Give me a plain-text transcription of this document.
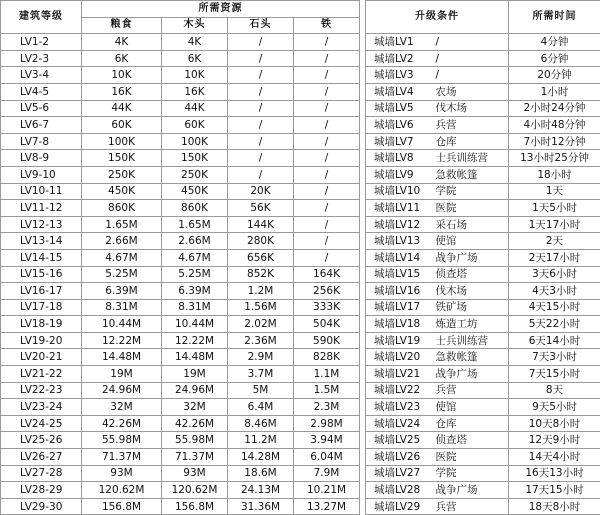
建筑等级	所需资源					升级条件		所需时间
	粮食	木头	石头	铁				
LV1-2	4K	4K	/	/		城墙LV1	/	4分钟
LV2-3	6K	6K	/	/		城墙LV2	/	6分钟
LV3-4	10K	10K	/	/		城墙LV3	/	20分钟
LV4-5	16K	16K	/	/		城墙LV4	农场	1小时
LV5-6	44K	44K	/	/		城墙LV5	伐木场	2小时24分钟
LV6-7	60K	60K	/	/		城墙LV6	兵营	4小时48分钟
LV7-8	100K	100K	/	/		城墙LV7	仓库	7小时12分钟
LV8-9	150K	150K	/	/		城墙LV8	士兵训练营	13小时25分钟
LV9-10	250K	250K	/	/		城墙LV9	急救帐篷	18小时
LV10-11	450K	450K	20K	/		城墙LV10	学院	1天
LV11-12	860K	860K	56K	/		城墙LV11	医院	1天5小时
LV12-13	1.65M	1.65M	144K	/		城墙LV12	采石场	1天17小时
LV13-14	2.66M	2.66M	280K	/		城墙LV13	使馆	2天
LV14-15	4.67M	4.67M	656K	/		城墙LV14	战争广场	2天17小时
LV15-16	5.25M	5.25M	852K	164K		城墙LV15	侦查塔	3天6小时
LV16-17	6.39M	6.39M	1.2M	256K		城墙LV16	伐木场	4天3小时
LV17-18	8.31M	8.31M	1.56M	333K		城墙LV17	铁矿场	4天15小时
LV18-19	10.44M	10.44M	2.02M	504K		城墙LV18	炼造工坊	5天22小时
LV19-20	12.22M	12.22M	2.36M	590K		城墙LV19	士兵训练营	6天14小时
LV20-21	14.48M	14.48M	2.9M	828K		城墙LV20	急救帐篷	7天3小时
LV21-22	19M	19M	3.7M	1.1M		城墙LV21	战争广场	7天15小时
LV22-23	24.96M	24.96M	5M	1.5M		城墙LV22	兵营	8天
LV23-24	32M	32M	6.4M	2.3M		城墙LV23	使馆	9天5小时
LV24-25	42.26M	42.26M	8.46M	2.98M		城墙LV24	仓库	10天8小时
LV25-26	55.98M	55.98M	11.2M	3.94M		城墙LV25	侦查塔	12天9小时
LV26-27	71.37M	71.37M	14.28M	6.04M		城墙LV26	医院	14天4小时
LV27-28	93M	93M	18.6M	7.9M		城墙LV27	学院	16天13小时
LV28-29	120.62M	120.62M	24.13M	10.21M		城墙LV28	战争广场	17天15小时
LV29-30	156.8M	156.8M	31.36M	13.27M		城墙LV29	兵营	18天8小时
